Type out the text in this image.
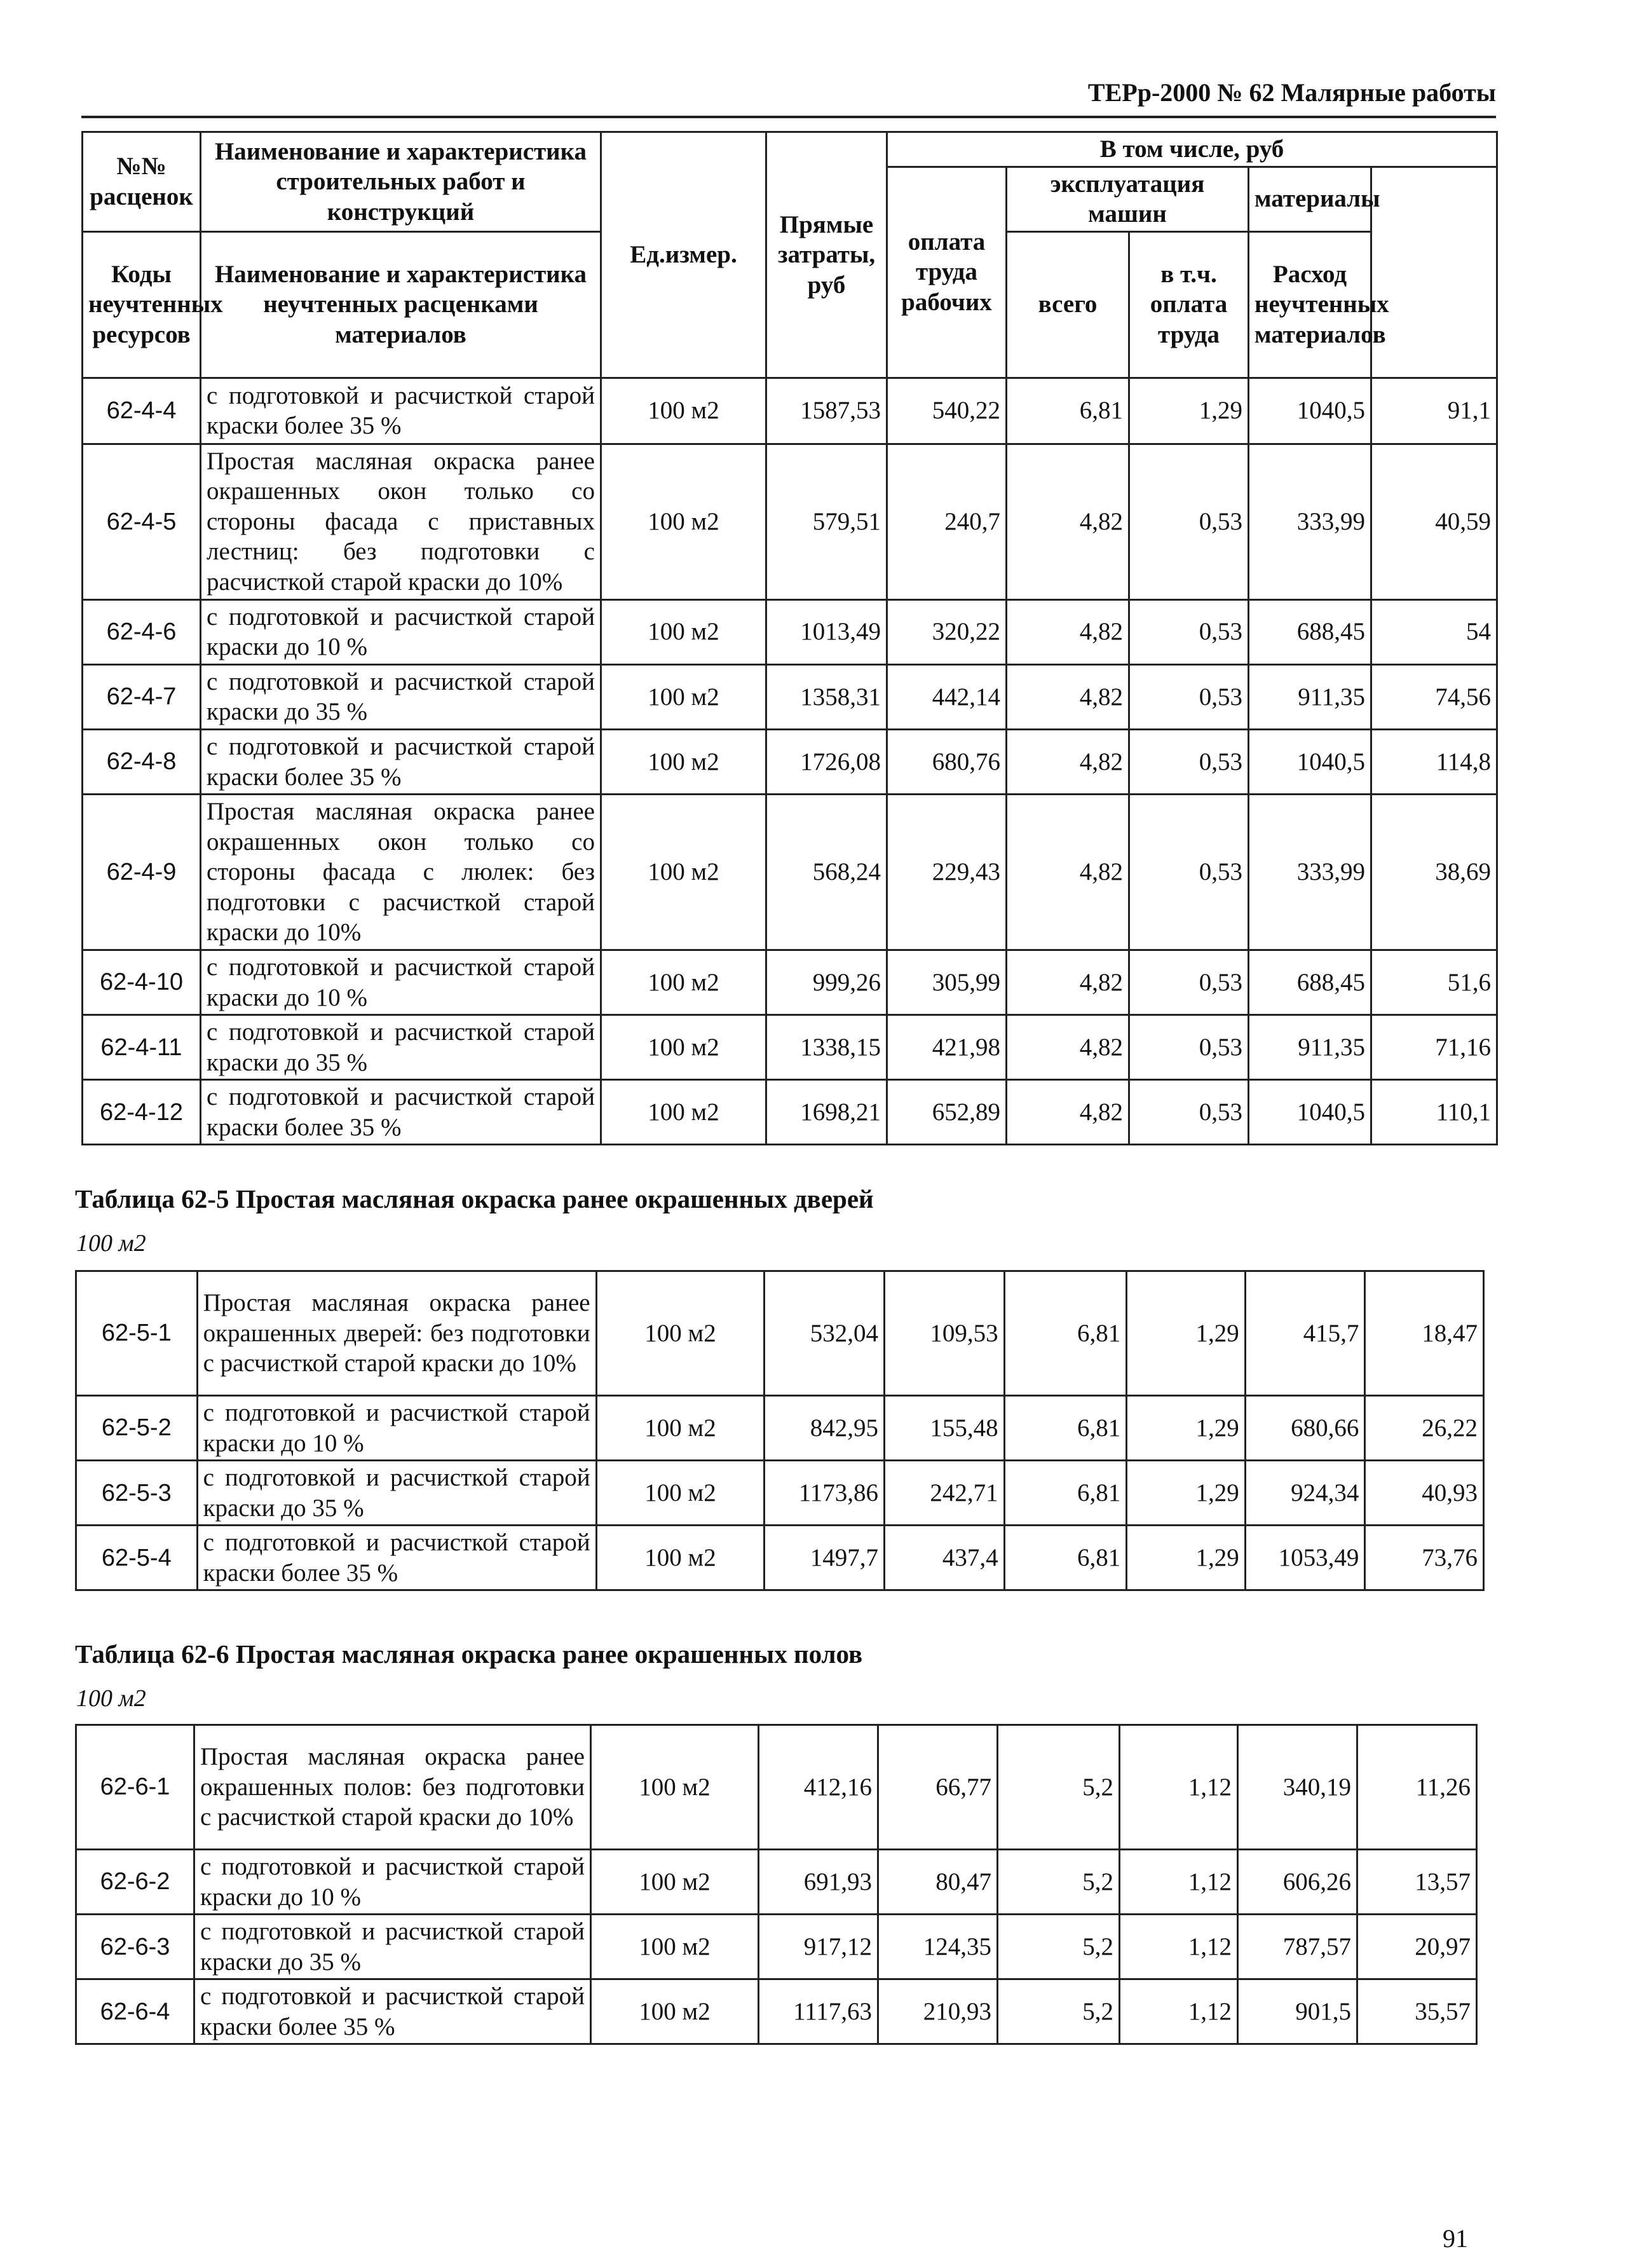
ТЕРр-2000 № 62 Малярные работы
№№ расценок	Наименование и характеристика строительных работ и конструкций	Ед.измер.	Прямые затраты, руб	В том числе, руб	
				оплата труда рабочих	эксплуатация машин		материалы		
Коды неучтенных ресурсов	Наименование и характеристика неучтенных расценками материалов				всего	в т.ч. оплата труда	Расход неучтенных материалов		

62-4-4	с подготовкой и расчисткой старой краски более 35 %	100 м2	1587,53	540,22	6,81	1,29	1040,5	91,1	
62-4-5	Простая масляная окраска ранее окрашенных окон только со стороны фасада с приставных лестниц: без подготовки с расчисткой старой краски до 10%	100 м2	579,51	240,7	4,82	0,53	333,99	40,59	
62-4-6	с подготовкой и расчисткой старой краски до 10 %	100 м2	1013,49	320,22	4,82	0,53	688,45	54	
62-4-7	с подготовкой и расчисткой старой краски до 35 %	100 м2	1358,31	442,14	4,82	0,53	911,35	74,56	
62-4-8	с подготовкой и расчисткой старой краски более 35 %	100 м2	1726,08	680,76	4,82	0,53	1040,5	114,8	
62-4-9	Простая масляная окраска ранее окрашенных окон только со стороны фасада с люлек: без подготовки с расчисткой старой краски до 10%	100 м2	568,24	229,43	4,82	0,53	333,99	38,69	
62-4-10	с подготовкой и расчисткой старой краски до 10 %	100 м2	999,26	305,99	4,82	0,53	688,45	51,6	
62-4-11	с подготовкой и расчисткой старой краски до 35 %	100 м2	1338,15	421,98	4,82	0,53	911,35	71,16	
62-4-12	с подготовкой и расчисткой старой краски более 35 %	100 м2	1698,21	652,89	4,82	0,53	1040,5	110,1	
Таблица 62-5 Простая масляная окраска ранее окрашенных дверей
100 м2
62-5-1	Простая масляная окраска ранее окрашенных дверей: без подготовки с расчисткой старой краски до 10%	100 м2	532,04	109,53	6,81	1,29	415,7	18,47
62-5-2	с подготовкой и расчисткой старой краски до 10 %	100 м2	842,95	155,48	6,81	1,29	680,66	26,22
62-5-3	с подготовкой и расчисткой старой краски до 35 %	100 м2	1173,86	242,71	6,81	1,29	924,34	40,93
62-5-4	с подготовкой и расчисткой старой краски более 35 %	100 м2	1497,7	437,4	6,81	1,29	1053,49	73,76
Таблица 62-6 Простая масляная окраска ранее окрашенных полов
100 м2
62-6-1	Простая масляная окраска ранее окрашенных полов: без подготовки с расчисткой старой краски до 10%	100 м2	412,16	66,77	5,2	1,12	340,19	11,26
62-6-2	с подготовкой и расчисткой старой краски до 10 %	100 м2	691,93	80,47	5,2	1,12	606,26	13,57
62-6-3	с подготовкой и расчисткой старой краски до 35 %	100 м2	917,12	124,35	5,2	1,12	787,57	20,97
62-6-4	с подготовкой и расчисткой старой краски более 35 %	100 м2	1117,63	210,93	5,2	1,12	901,5	35,57
91
